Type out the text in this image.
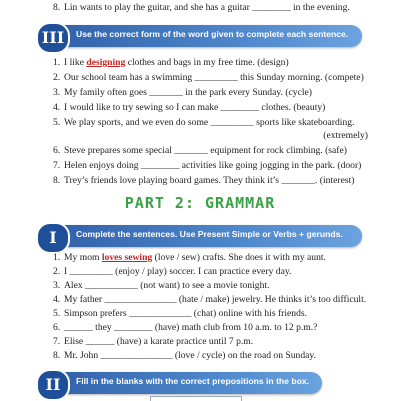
8. Lin wants to play the guitar, and she has a guitar ________ in the evening.
III	Use the correct form of the word given to complete each sentence.
1. I like designing clothes and bags in my free time. (design)
2. Our school team has a swimming _________ this Sunday morning. (compete)
3. My family often goes _______ in the park every Sunday. (cycle)
4. I would like to try sewing so I can make ________ clothes. (beauty)
5. We play sports, and we even do some _________ sports like skateboarding.
(extremely)
6. Steve prepares some special _______ equipment for rock climbing. (safe)
7. Helen enjoys doing ________ activities like going jogging in the park. (door)
8. Trey’s friends love playing board games. They think it’s _______. (interest)
PART 2: GRAMMAR
I	Complete the sentences. Use Present Simple or Verbs + gerunds.
1. My mom loves sewing (love / sew) crafts. She does it with my aunt.
2. I _________ (enjoy / play) soccer. I can practice every day.
3. Alex ___________ (not want) to see a movie tonight.
4. My father _______________ (hate / make) jewelry. He thinks it’s too difficult.
5. Simpson prefers _____________ (chat) online with his friends.
6. ______ they ________ (have) math club from 10 a.m. to 12 p.m.?
7. Elise ______ (have) a karate practice until 7 p.m.
8. Mr. John _______________ (love / cycle) on the road on Sunday.
II	Fill in the blanks with the correct prepositions in the box.
